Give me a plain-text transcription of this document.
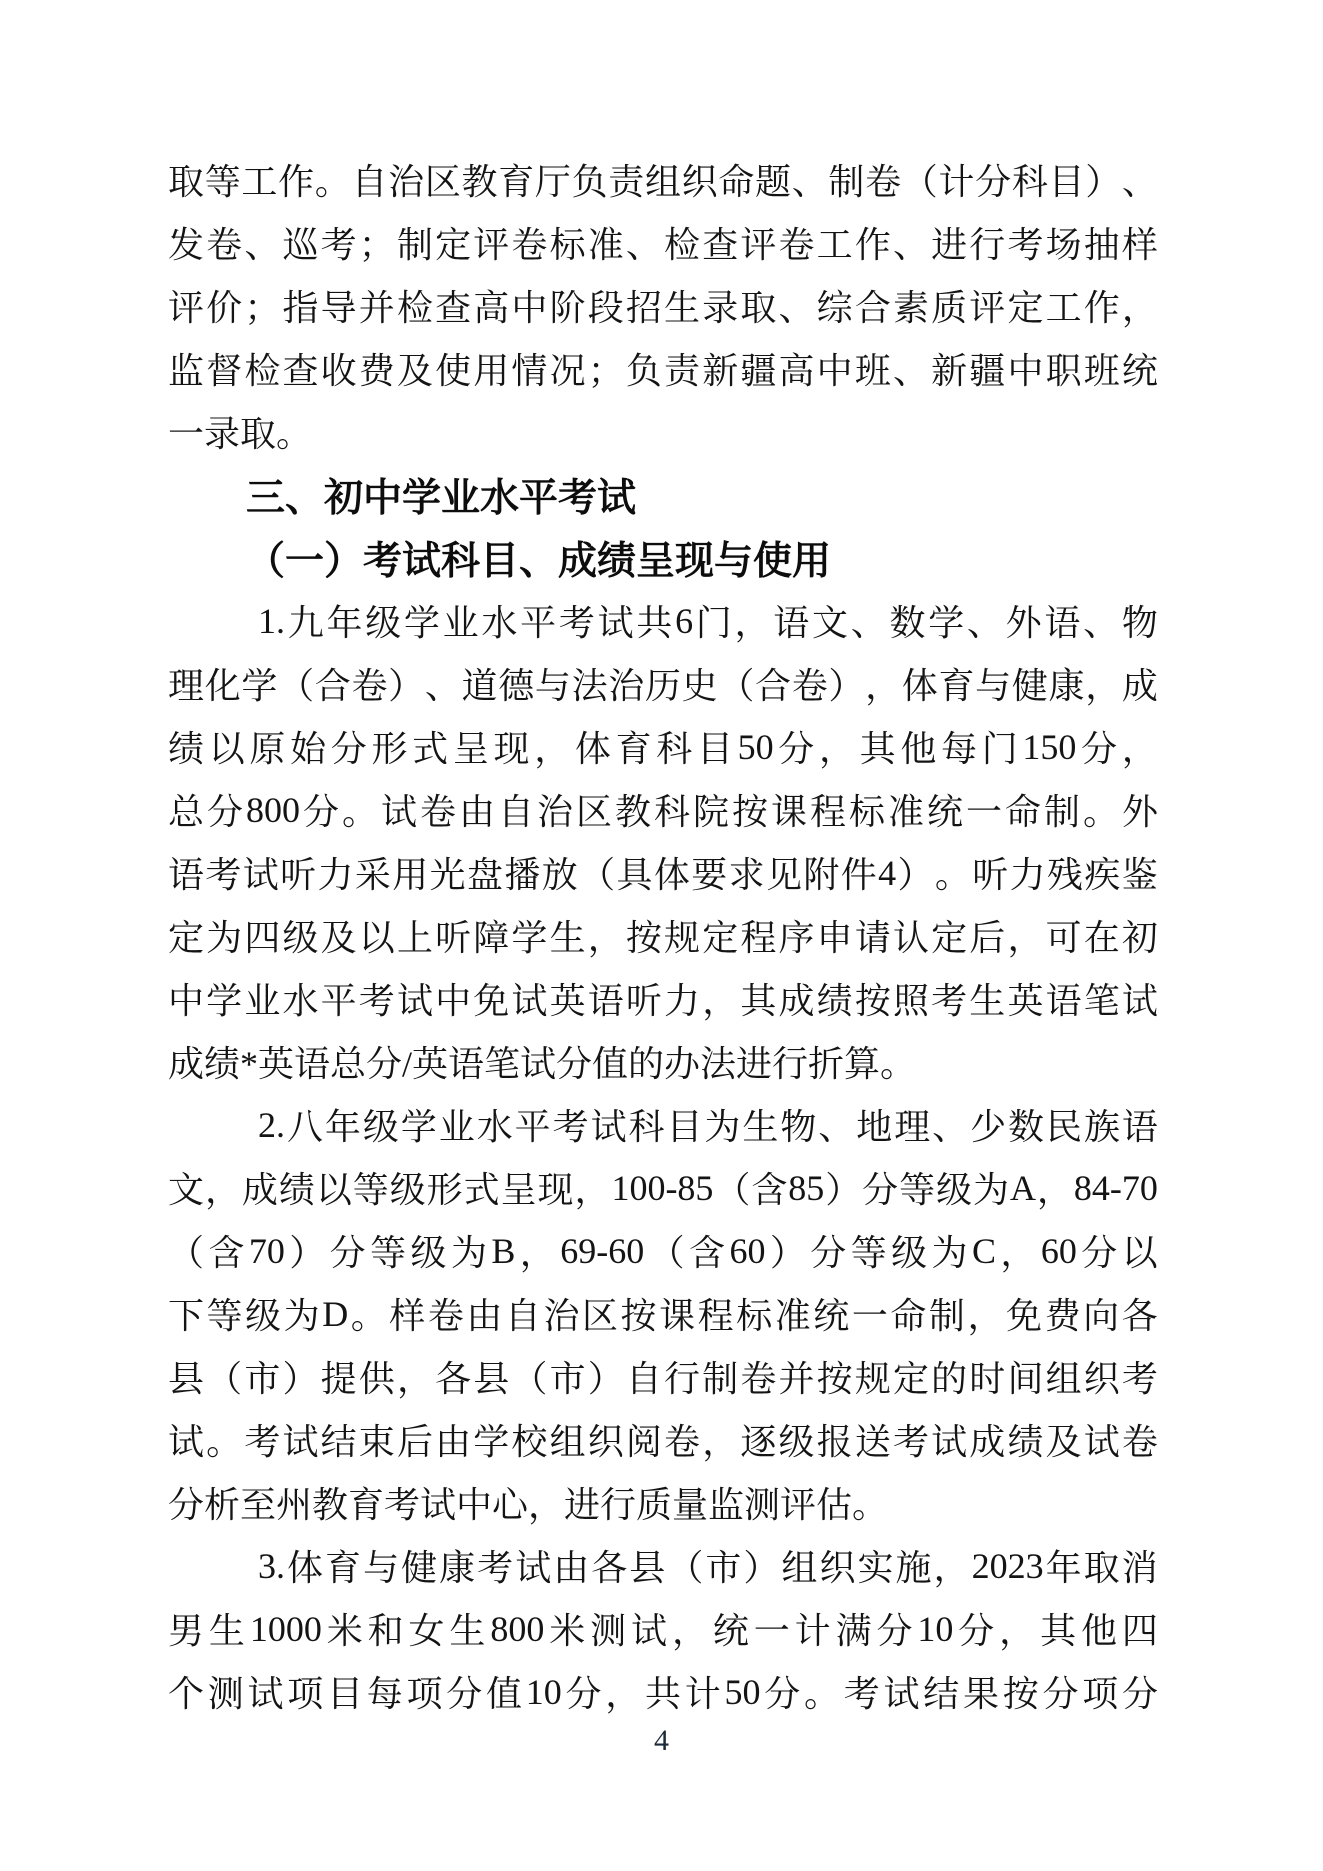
取 等 工 作 。 自 治 区 教 育 厅 负 责 组 织 命 题 、 制 卷 （ 计 分 科 目 ） 、
发 卷 、 巡 考 ； 制 定 评 卷 标 准 、 检 查 评 卷 工 作 、 进 行 考 场 抽 样
评 价 ； 指 导 并 检 查 高 中 阶 段 招 生 录 取 、 综 合 素 质 评 定 工 作 ，
监 督 检 查 收 费 及 使 用 情 况 ； 负 责 新 疆 高 中 班 、 新 疆 中 职 班 统
一录取。
三、初中学业水平考试
（一）考试科目、成绩呈现与使用
1. 九 年 级 学 业 水 平 考 试 共 6 门 ， 语 文 、 数 学 、 外 语 、 物
理 化 学 （ 合 卷 ） 、 道 德 与 法 治 历 史 （ 合 卷 ） ， 体 育 与 健 康 ， 成
绩 以 原 始 分 形 式 呈 现 ， 体 育 科 目 50 分 ， 其 他 每 门 150 分 ，
总 分 800 分 。 试 卷 由 自 治 区 教 科 院 按 课 程 标 准 统 一 命 制 。 外
语 考 试 听 力 采 用 光 盘 播 放 （ 具 体 要 求 见 附 件 4 ） 。 听 力 残 疾 鉴
定 为 四 级 及 以 上 听 障 学 生 ， 按 规 定 程 序 申 请 认 定 后 ， 可 在 初
中 学 业 水 平 考 试 中 免 试 英 语 听 力 ， 其 成 绩 按 照 考 生 英 语 笔 试
成绩*英语总分/英语笔试分值的办法进行折算。
2. 八 年 级 学 业 水 平 考 试 科 目 为 生 物 、 地 理 、 少 数 民 族 语
文 ， 成 绩 以 等 级 形 式 呈 现 ， 100-85 （ 含 85 ） 分 等 级 为 A ， 84-70
（ 含 70 ） 分 等 级 为 B ， 69-60 （ 含 60 ） 分 等 级 为 C ， 60 分 以
下 等 级 为 D 。 样 卷 由 自 治 区 按 课 程 标 准 统 一 命 制 ， 免 费 向 各
县 （ 市 ） 提 供 ， 各 县 （ 市 ） 自 行 制 卷 并 按 规 定 的 时 间 组 织 考
试 。 考 试 结 束 后 由 学 校 组 织 阅 卷 ， 逐 级 报 送 考 试 成 绩 及 试 卷
分析至州教育考试中心，进行质量监测评估。
3. 体 育 与 健 康 考 试 由 各 县 （ 市 ） 组 织 实 施 ， 2023 年 取 消
男 生 1000 米 和 女 生 800 米 测 试 ， 统 一 计 满 分 10 分 ， 其 他 四
个 测 试 项 目 每 项 分 值 10 分 ， 共 计 50 分 。 考 试 结 果 按 分 项 分
4
